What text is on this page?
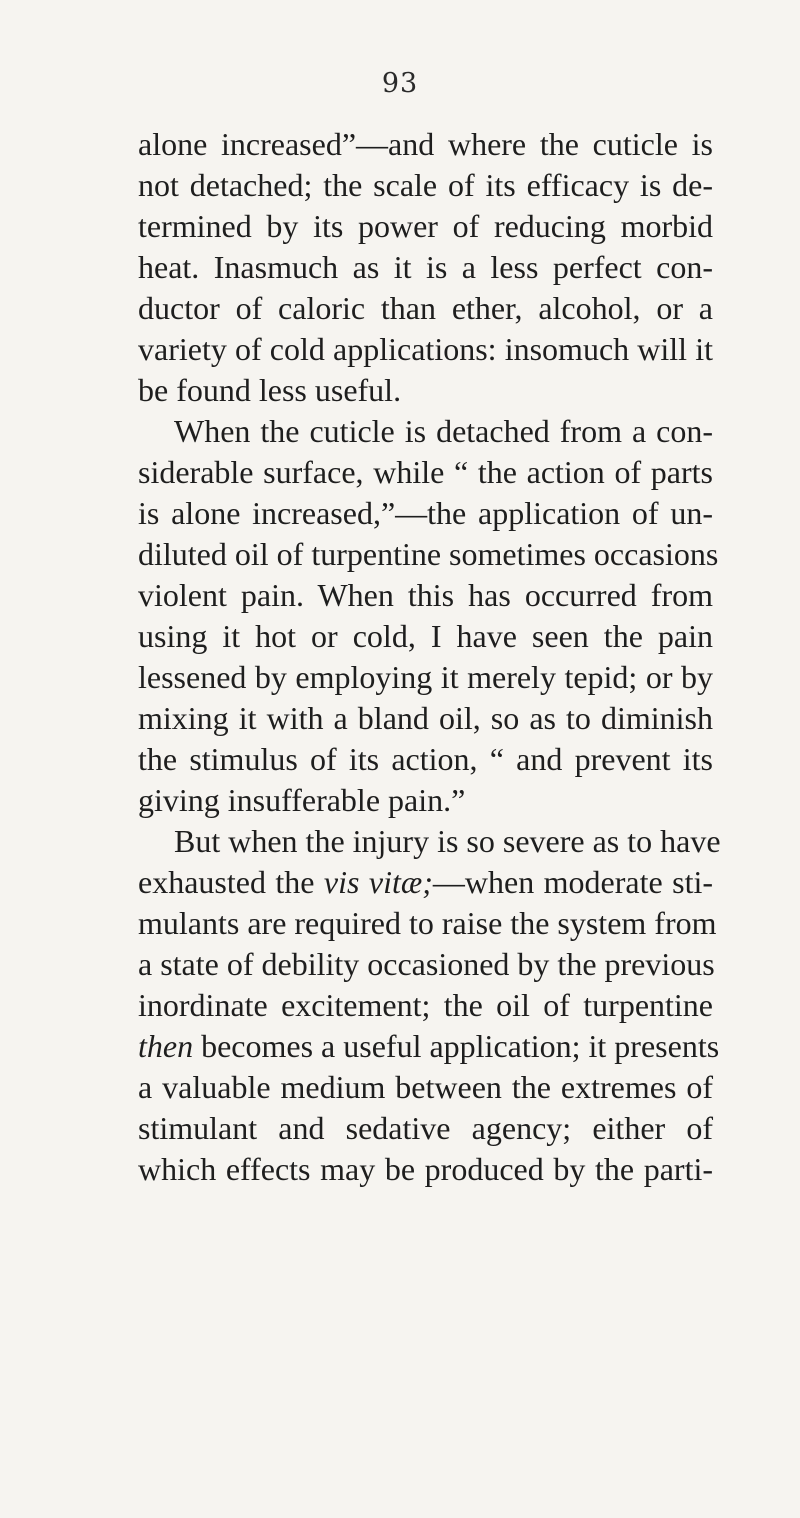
93
alone increased”—and where the cuticle is
not detached; the scale of its efficacy is de-
termined by its power of reducing morbid
heat. Inasmuch as it is a less perfect con-
ductor of caloric than ether, alcohol, or a
variety of cold applications: insomuch will it
be found less useful.
When the cuticle is detached from a con-
siderable surface, while “ the action of parts
is alone increased,”—the application of un-
diluted oil of turpentine sometimes occasions
violent pain. When this has occurred from
using it hot or cold, I have seen the pain
lessened by employing it merely tepid; or by
mixing it with a bland oil, so as to diminish
the stimulus of its action, “ and prevent its
giving insufferable pain.”
But when the injury is so severe as to have
exhausted the vis vitæ;—when moderate sti-
mulants are required to raise the system from
a state of debility occasioned by the previous
inordinate excitement; the oil of turpentine
then becomes a useful application; it presents
a valuable medium between the extremes of
stimulant and sedative agency; either of
which effects may be produced by the parti-
